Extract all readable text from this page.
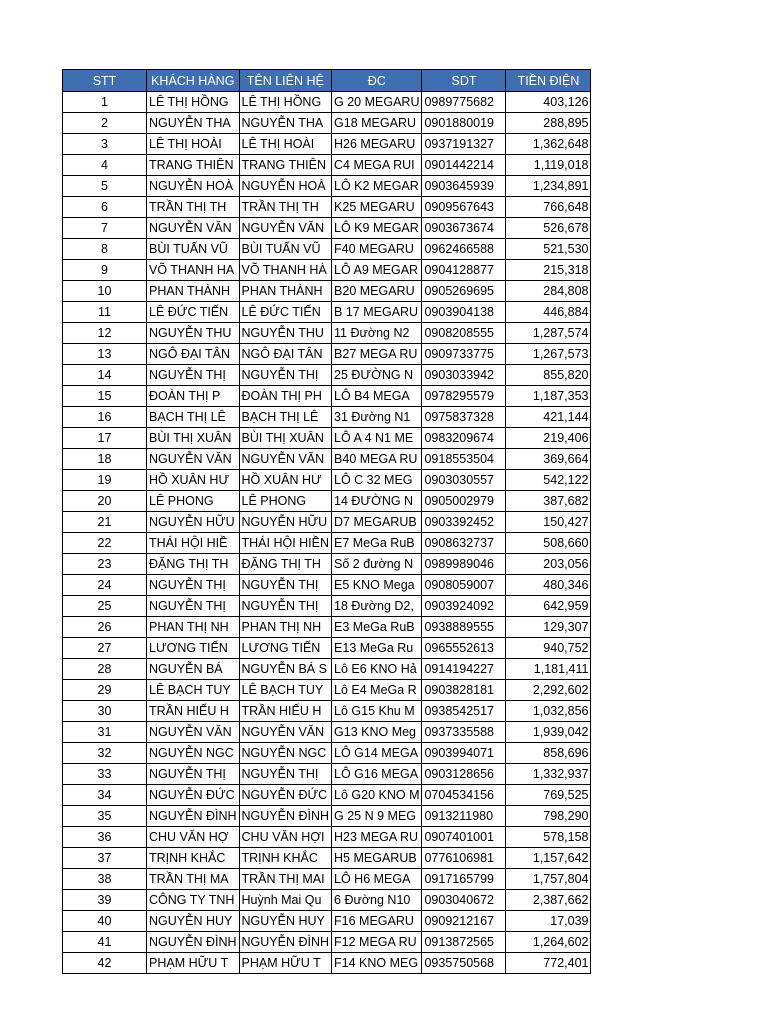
STT	KHÁCH HÀNG	TÊN LIÊN HỆ	ĐC	SDT	TIỀN ĐIỆN
1	LÊ THỊ HỒNG	LÊ THỊ HỒNG	G 20 MEGARU	0989775682	403,126
2	NGUYỄN THA	NGUYỄN THA	G18 MEGARU	0901880019	288,895
3	LÊ THỊ HOÀI	LÊ THỊ HOÀI	H26 MEGARU	0937191327	1,362,648
4	TRANG THIÊN	TRANG THIÊN	C4 MEGA RUI	0901442214	1,119,018
5	NGUYỄN HOÀ	NGUYỄN HOÀ	LÔ K2 MEGAR	0903645939	1,234,891
6	TRẦN THỊ TH	TRẦN THỊ TH	K25 MEGARU	0909567643	766,648
7	NGUYỄN VĂN	NGUYỄN VĂN	LÔ K9 MEGAR	0903673674	526,678
8	BÙI TUẤN VŨ	BÙI TUẤN VŨ	F40 MEGARU	0962466588	521,530
9	VÕ THANH HA	VÕ THANH HÀ	LÔ A9 MEGAR	0904128877	215,318
10	PHAN THÀNH	PHAN THÀNH	B20 MEGARU	0905269695	284,808
11	LÊ ĐỨC TIẾN	LÊ ĐỨC TIẾN	B 17 MEGARU	0903904138	446,884
12	NGUYỄN THU	NGUYỄN THU	11 Đường N2	0908208555	1,287,574
13	NGÔ ĐẠI TÂN	NGÔ ĐẠI TÂN	B27 MEGA RU	0909733775	1,267,573
14	NGUYỄN THỊ	NGUYỄN THỊ	25 ĐƯỜNG N	0903033942	855,820
15	ĐOÀN THỊ P	ĐOÀN THỊ PH	LÔ B4 MEGA	0978295579	1,187,353
16	BẠCH THỊ LÊ	BẠCH THỊ LÊ	31 Đường N1	0975837328	421,144
17	BÙI THỊ XUÂN	BÙI THỊ XUÂN	LÔ A 4 N1 ME	0983209674	219,406
18	NGUYỄN VĂN	NGUYỄN VĂN	B40 MEGA RU	0918553504	369,664
19	HỒ XUÂN HƯ	HỒ XUÂN HƯ	LÔ C 32 MEG	0903030557	542,122
20	LÊ PHONG	LÊ PHONG	14 ĐƯỜNG N	0905002979	387,682
21	NGUYỄN HỮU	NGUYỄN HỮU	D7 MEGARUB	0903392452	150,427
22	THÁI HỘI HIỀ	THÁI HỘI HIỀN	E7 MeGa RuB	0908632737	508,660
23	ĐẶNG THỊ TH	ĐẶNG THỊ TH	Số 2 đường N	0989989046	203,056
24	NGUYỄN THỊ	NGUYỄN THỊ	E5 KNO Mega	0908059007	480,346
25	NGUYỄN THỊ	NGUYỄN THỊ	18 Đường D2,	0903924092	642,959
26	PHAN THỊ NH	PHAN THỊ NH	E3 MeGa RuB	0938889555	129,307
27	LƯƠNG TIẾN	LƯƠNG TIẾN	E13 MeGa Ru	0965552613	940,752
28	NGUYỄN BÁ	NGUYỄN BÁ S	Lô E6 KNO Hả	0914194227	1,181,411
29	LÊ BẠCH TUY	LÊ BẠCH TUY	Lô E4 MeGa R	0903828181	2,292,602
30	TRẦN HIẾU H	TRẦN HIẾU H	Lô G15 Khu M	0938542517	1,032,856
31	NGUYỄN VĂN	NGUYỄN VĂN	G13 KNO Meg	0937335588	1,939,042
32	NGUYỄN NGC	NGUYỄN NGC	LÔ G14 MEGA	0903994071	858,696
33	NGUYỄN THỊ	NGUYỄN THỊ	LÔ G16 MEGA	0903128656	1,332,937
34	NGUYỄN ĐỨC	NGUYỄN ĐỨC	Lô G20 KNO M	0704534156	769,525
35	NGUYỄN ĐÌNH	NGUYỄN ĐÌNH	G 25 N 9 MEG	0913211980	798,290
36	CHU VĂN HỢ	CHU VĂN HỢI	H23 MEGA RU	0907401001	578,158
37	TRỊNH KHẮC	TRỊNH KHẮC	H5 MEGARUB	0776106981	1,157,642
38	TRẦN THỊ MA	TRẦN THỊ MAI	LÔ H6 MEGA	0917165799	1,757,804
39	CÔNG TY TNH	Huỳnh Mai Qu	6 Đường N10	0903040672	2,387,662
40	NGUYỄN HUY	NGUYỄN HUY	F16 MEGARU	0909212167	17,039
41	NGUYỄN ĐÌNH	NGUYỄN ĐÌNH	F12 MEGA RU	0913872565	1,264,602
42	PHẠM HỮU T	PHẠM HỮU T	F14 KNO MEG	0935750568	772,401
